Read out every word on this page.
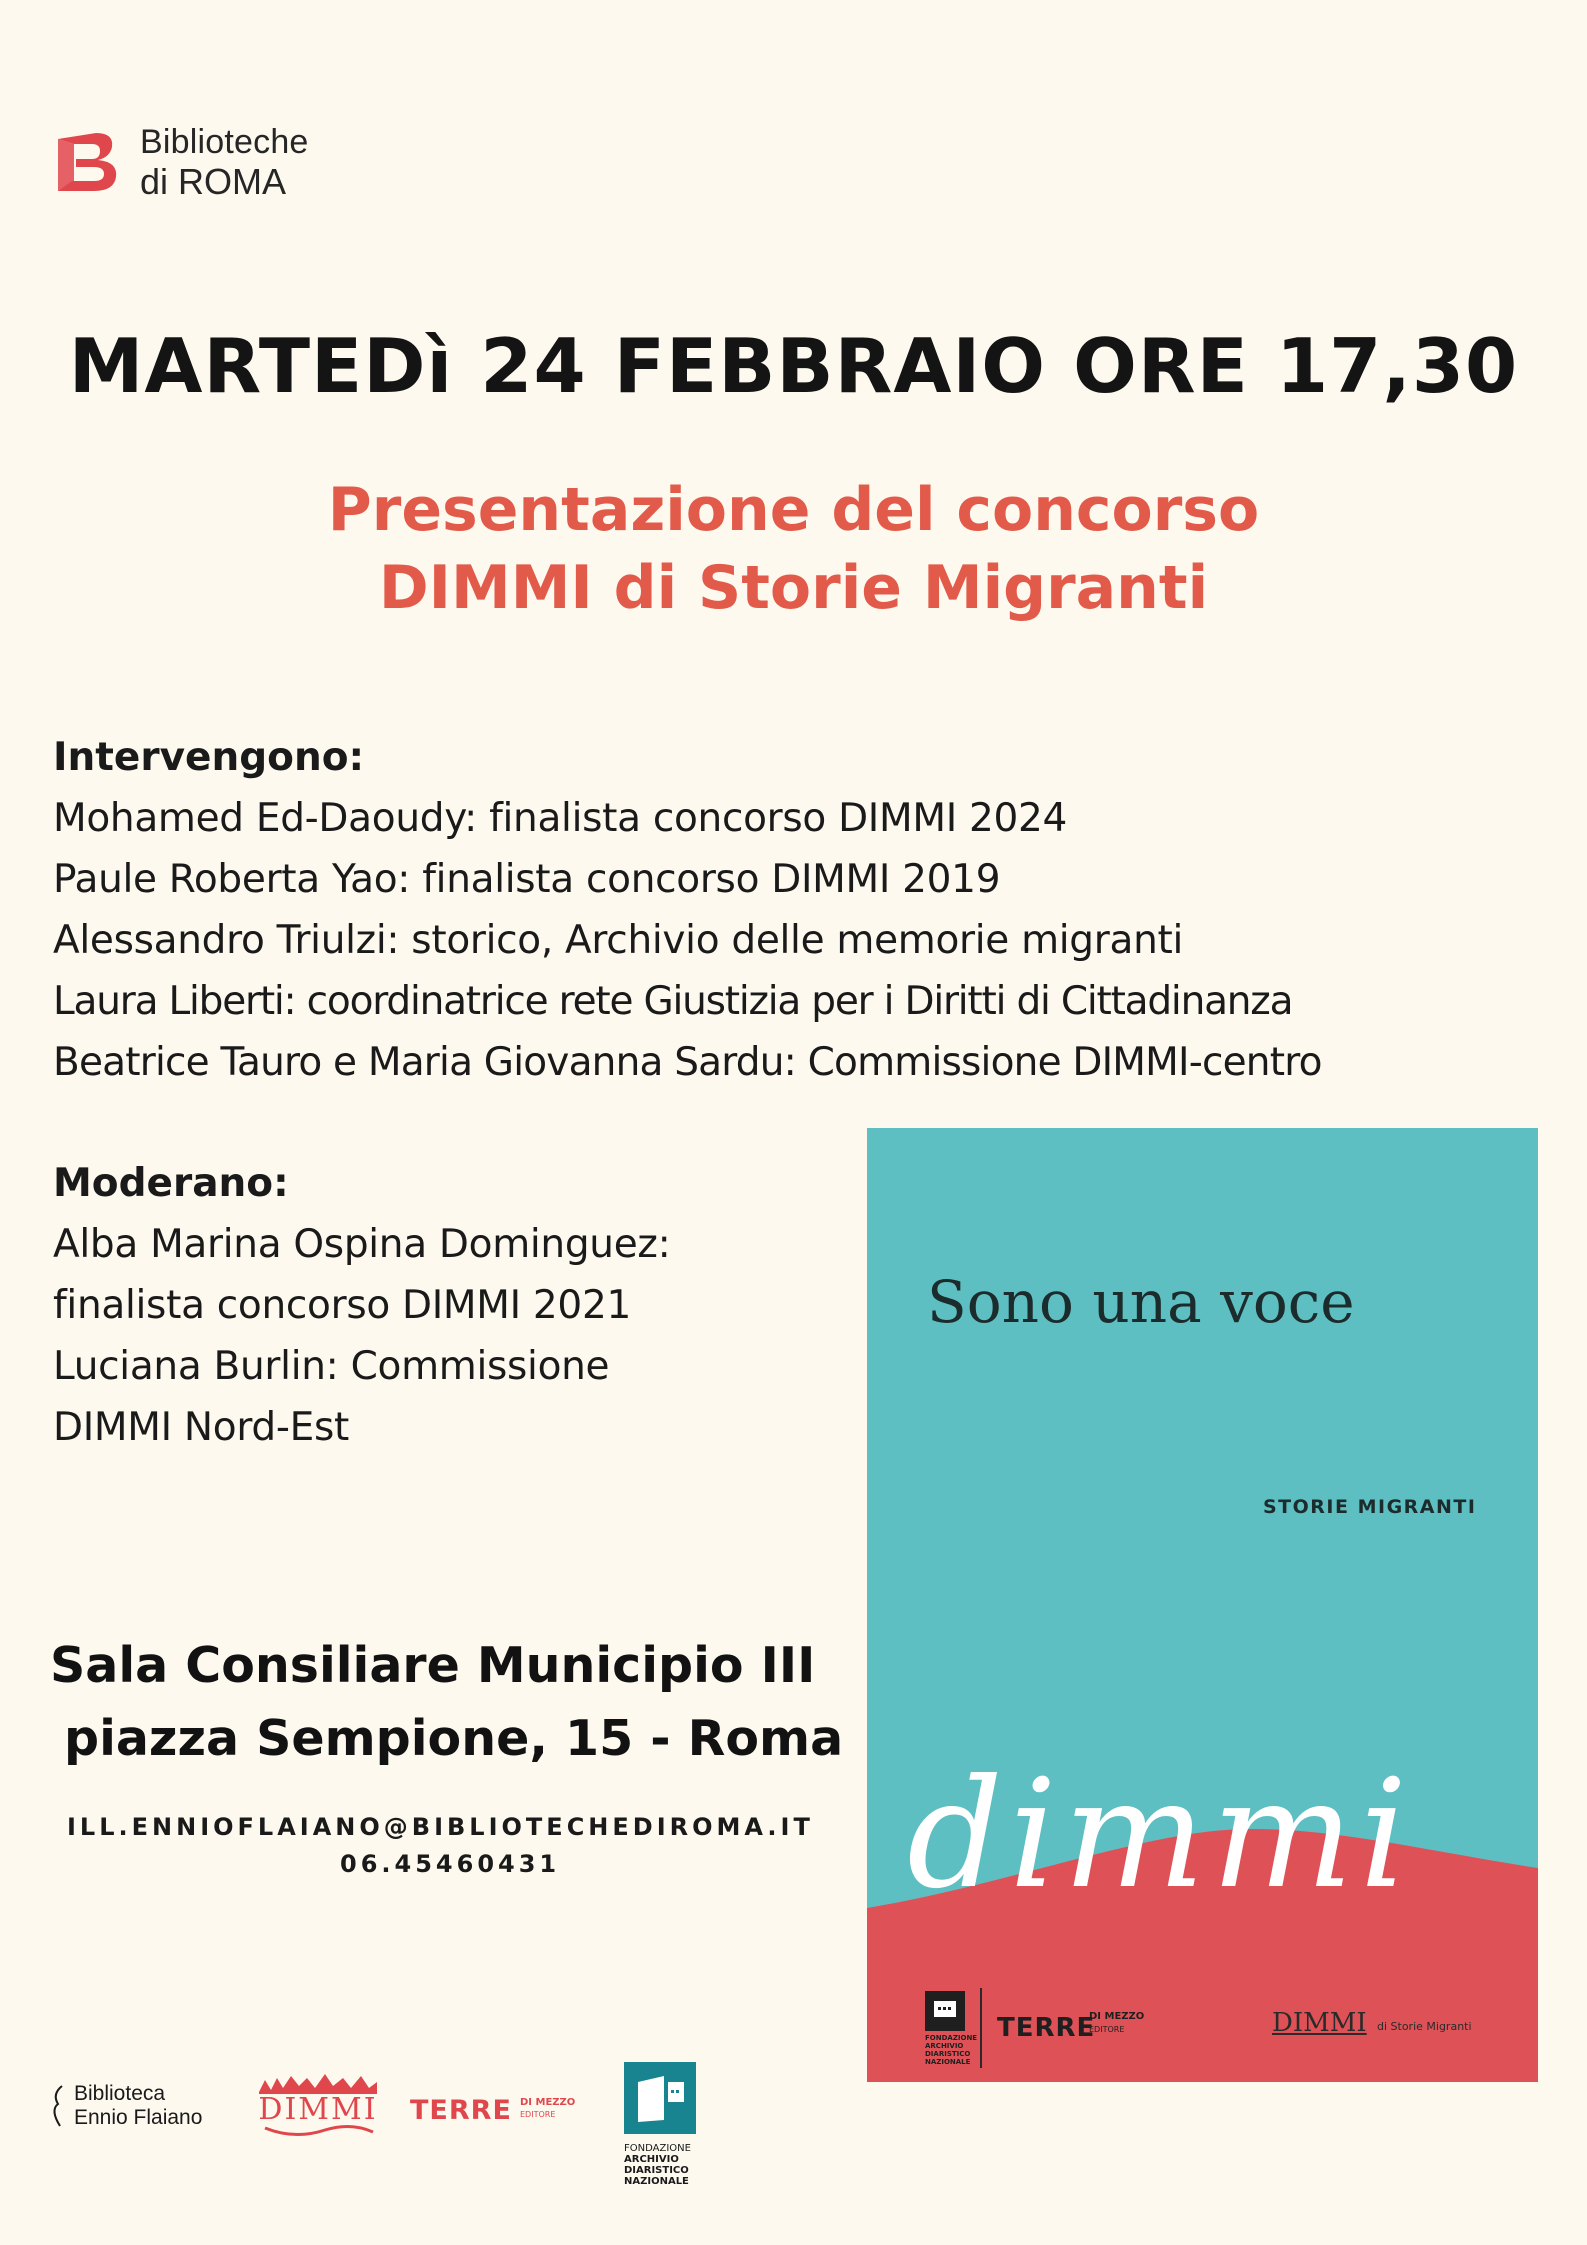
Biblioteche
di ROMA
MARTEDì 24 FEBBRAIO ORE 17,30
Presentazione del concorso
DIMMI di Storie Migranti
Intervengono:
Mohamed Ed-Daoudy: finalista concorso DIMMI 2024
Paule Roberta Yao: finalista concorso DIMMI 2019
Alessandro Triulzi: storico, Archivio delle memorie migranti
Laura Liberti: coordinatrice rete Giustizia per i Diritti di Cittadinanza
Beatrice Tauro e Maria Giovanna Sardu: Commissione DIMMI-centro
Moderano:
Alba Marina Ospina Dominguez:
finalista concorso DIMMI 2021
Luciana Burlin: Commissione
DIMMI Nord-Est
Sala Consiliare Municipio III
piazza Sempione, 15 - Roma
ILL.ENNIOFLAIANO@BIBLIOTECHEDIROMA.IT
06.45460431
Sono una voce
STORIE MIGRANTI
dimmi
FONDAZIONE
ARCHIVIO
DIARISTICO
NAZIONALE
TERRE
DI MEZZO
EDITORE	DIMMI di Storie Migranti
Biblioteca
Ennio Flaiano DIMMI TERRE DI MEZZO
EDITORE
FONDAZIONE
ARCHIVIO
DIARISTICO
NAZIONALE
